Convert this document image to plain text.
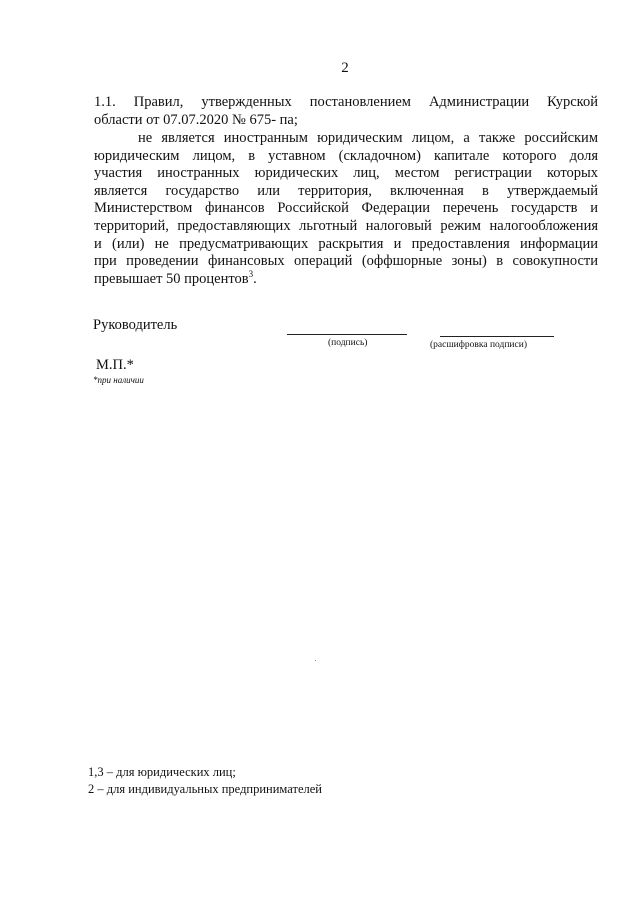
2
1.1. Правил, утвержденных постановлением Администрации Курской
области от 07.07.2020 № 675- па;
не является иностранным юридическим лицом, а также российским
юридическим лицом, в уставном (складочном) капитале которого доля
участия иностранных юридических лиц, местом регистрации которых
является государство или территория, включенная в утверждаемый
Министерством финансов Российской Федерации перечень государств и
территорий, предоставляющих льготный налоговый режим налогообложения
и (или) не предусматривающих раскрытия и предоставления информации
при проведении финансовых операций (оффшорные зоны) в совокупности
превышает 50 процентов$^3$.
Руководитель
(подпись)	(расшифровка подписи)
М.П.*
*при наличии
1,3 – для юридических лиц;
2 – для индивидуальных предпринимателей
